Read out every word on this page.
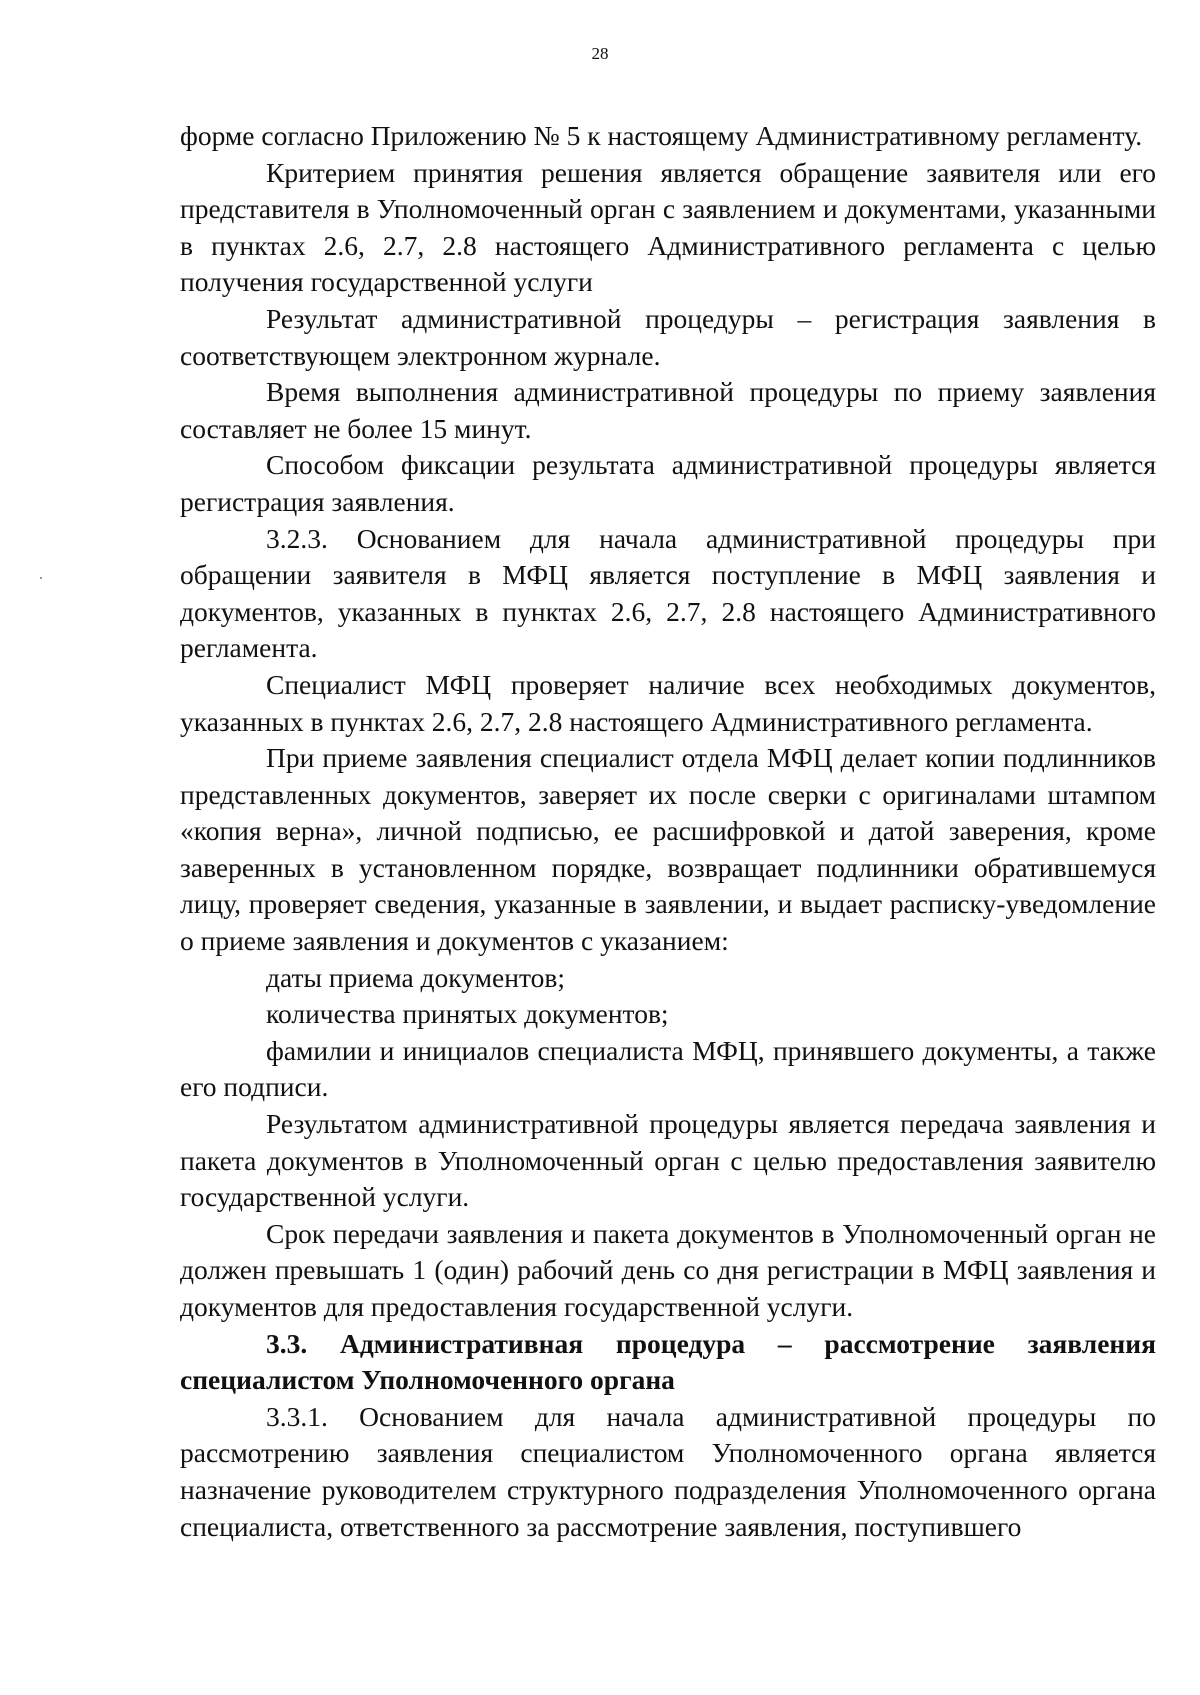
28

форме согласно Приложению № 5 к настоящему Административному регламенту.

Критерием принятия решения является обращение заявителя или его представителя в Уполномоченный орган с заявлением и документами, указанными в пунктах 2.6, 2.7, 2.8 настоящего Административного регламента с целью получения государственной услуги

Результат административной процедуры – регистрация заявления в соответствующем электронном журнале.

Время выполнения административной процедуры по приему заявления составляет не более 15 минут.

Способом фиксации результата административной процедуры является регистрация заявления.

3.2.3. Основанием для начала административной процедуры при обращении заявителя в МФЦ является поступление в МФЦ заявления и документов, указанных в пунктах 2.6, 2.7, 2.8 настоящего Административного регламента.

Специалист МФЦ проверяет наличие всех необходимых документов, указанных в пунктах 2.6, 2.7, 2.8 настоящего Административного регламента.

При приеме заявления специалист отдела МФЦ делает копии подлинников представленных документов, заверяет их после сверки с оригиналами штампом «копия верна», личной подписью, ее расшифровкой и датой заверения, кроме заверенных в установленном порядке, возвращает подлинники обратившемуся лицу, проверяет сведения, указанные в заявлении, и выдает расписку-уведомление о приеме заявления и документов с указанием:

даты приема документов;

количества принятых документов;

фамилии и инициалов специалиста МФЦ, принявшего документы, а также его подписи.

Результатом административной процедуры является передача заявления и пакета документов в Уполномоченный орган с целью предоставления заявителю государственной услуги.

Срок передачи заявления и пакета документов в Уполномоченный орган не должен превышать 1 (один) рабочий день со дня регистрации в МФЦ заявления и документов для предоставления государственной услуги.

3.3. Административная процедура – рассмотрение заявления специалистом Уполномоченного органа

3.3.1. Основанием для начала административной процедуры по рассмотрению заявления специалистом Уполномоченного органа является назначение руководителем структурного подразделения Уполномоченного органа специалиста, ответственного за рассмотрение заявления, поступившего
